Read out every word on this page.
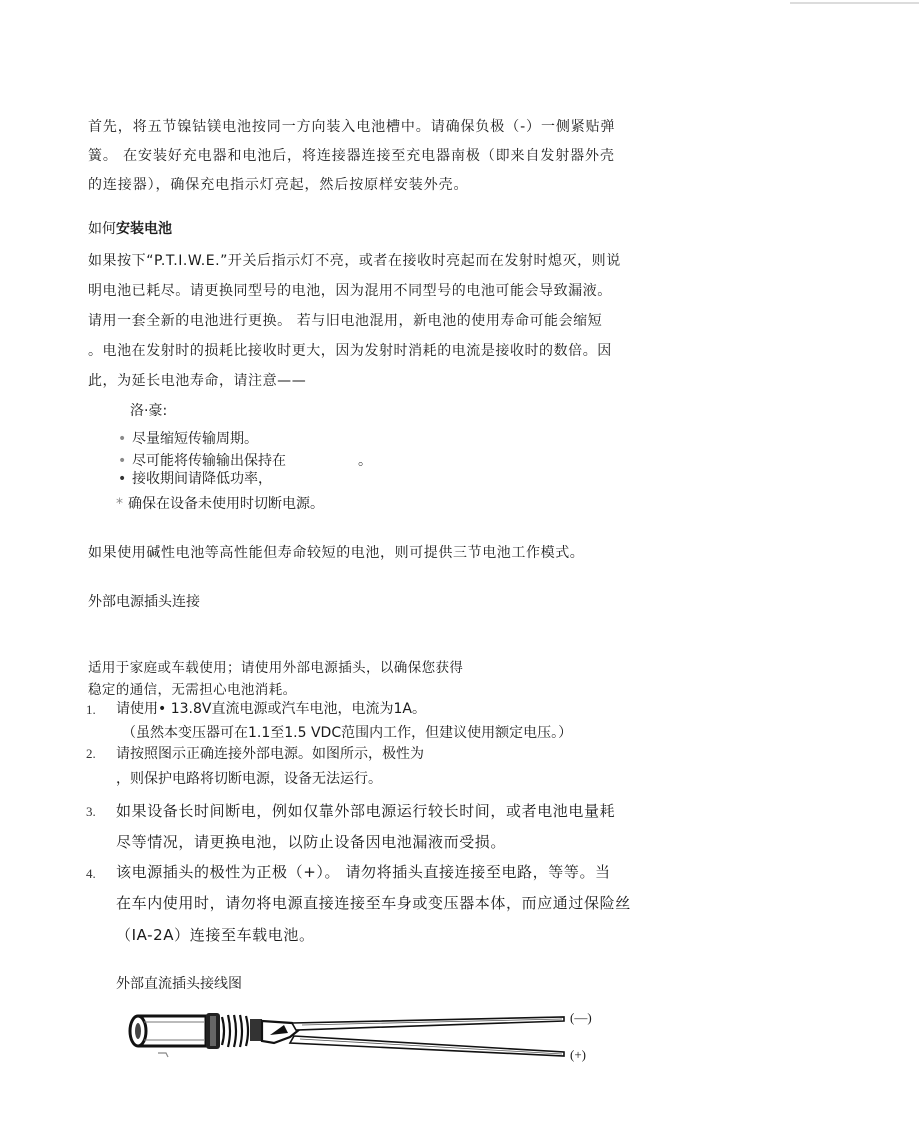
首先，将五节镍钴镁电池按同一方向装入电池槽中。请确保负极（-）一侧紧贴弹
簧。 在安装好充电器和电池后，将连接器连接至充电器南极（即来自发射器外壳
的连接器），确保充电指示灯亮起，然后按原样安装外壳。
如何安装电池
如果按下“P.T.I.W.E.”开关后指示灯不亮，或者在接收时亮起而在发射时熄灭，则说
明电池已耗尽。请更换同型号的电池，因为混用不同型号的电池可能会导致漏液。
请用一套全新的电池进行更换。 若与旧电池混用，新电池的使用寿命可能会缩短
。电池在发射时的损耗比接收时更大，因为发射时消耗的电流是接收时的数倍。因
此，为延长电池寿命，请注意——
洛·豪:
• 尽量缩短传输周期。
• 尽可能将传输输出保持在	。
• 接收期间请降低功率，
* 确保在设备未使用时切断电源。
如果使用碱性电池等高性能但寿命较短的电池，则可提供三节电池工作模式。
外部电源插头连接
适用于家庭或车载使用；请使用外部电源插头，以确保您获得
稳定的通信，无需担心电池消耗。
1. 请使用• 13.8V直流电源或汽车电池，电流为1A。
（虽然本变压器可在1.1至1.5 VDC范围内工作，但建议使用额定电压。）
2. 请按照图示正确连接外部电源。如图所示，极性为
，则保护电路将切断电源，设备无法运行。
3. 如果设备长时间断电，例如仅靠外部电源运行较长时间，或者电池电量耗
尽等情况，请更换电池，以防止设备因电池漏液而受损。
4. 该电源插头的极性为正极（+）。 请勿将插头直接连接至电路，等等。当
在车内使用时，请勿将电源直接连接至车身或变压器本体，而应通过保险丝
（IA-2A）连接至车载电池。
外部直流插头接线图
(—)
(+)
